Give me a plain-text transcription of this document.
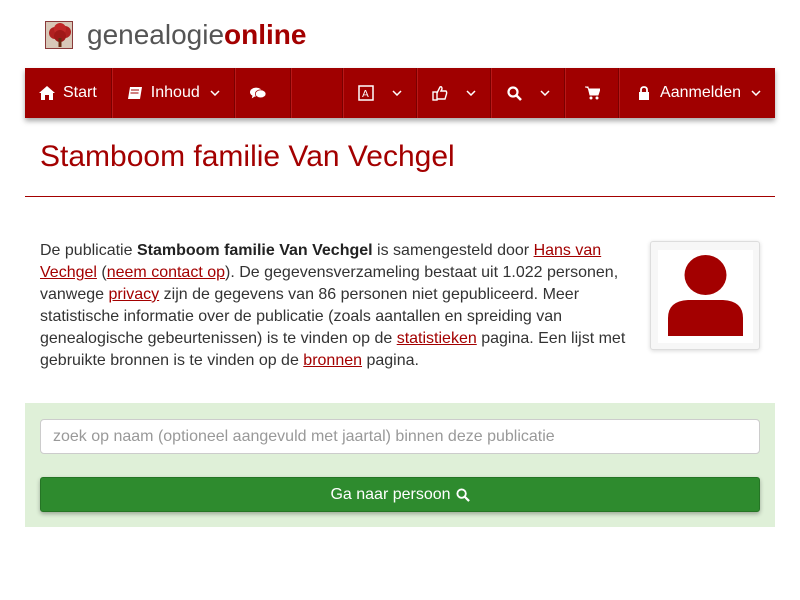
genealogieonline
Start	Inhoud	A	Aanmelden
Stamboom familie Van Vechgel

De publicatie Stamboom familie Van Vechgel is samengesteld door Hans van Vechgel (neem contact op). De gegevensverzameling bestaat uit 1.022 personen, vanwege privacy zijn de gegevens van 86 personen niet gepubliceerd. Meer statistische informatie over de publicatie (zoals aantallen en spreiding van genealogische gebeurtenissen) is te vinden op de statistieken pagina. Een lijst met gebruikte bronnen is te vinden op de bronnen pagina.

zoek op naam (optioneel aangevuld met jaartal) binnen deze publicatie
Ga naar persoon
